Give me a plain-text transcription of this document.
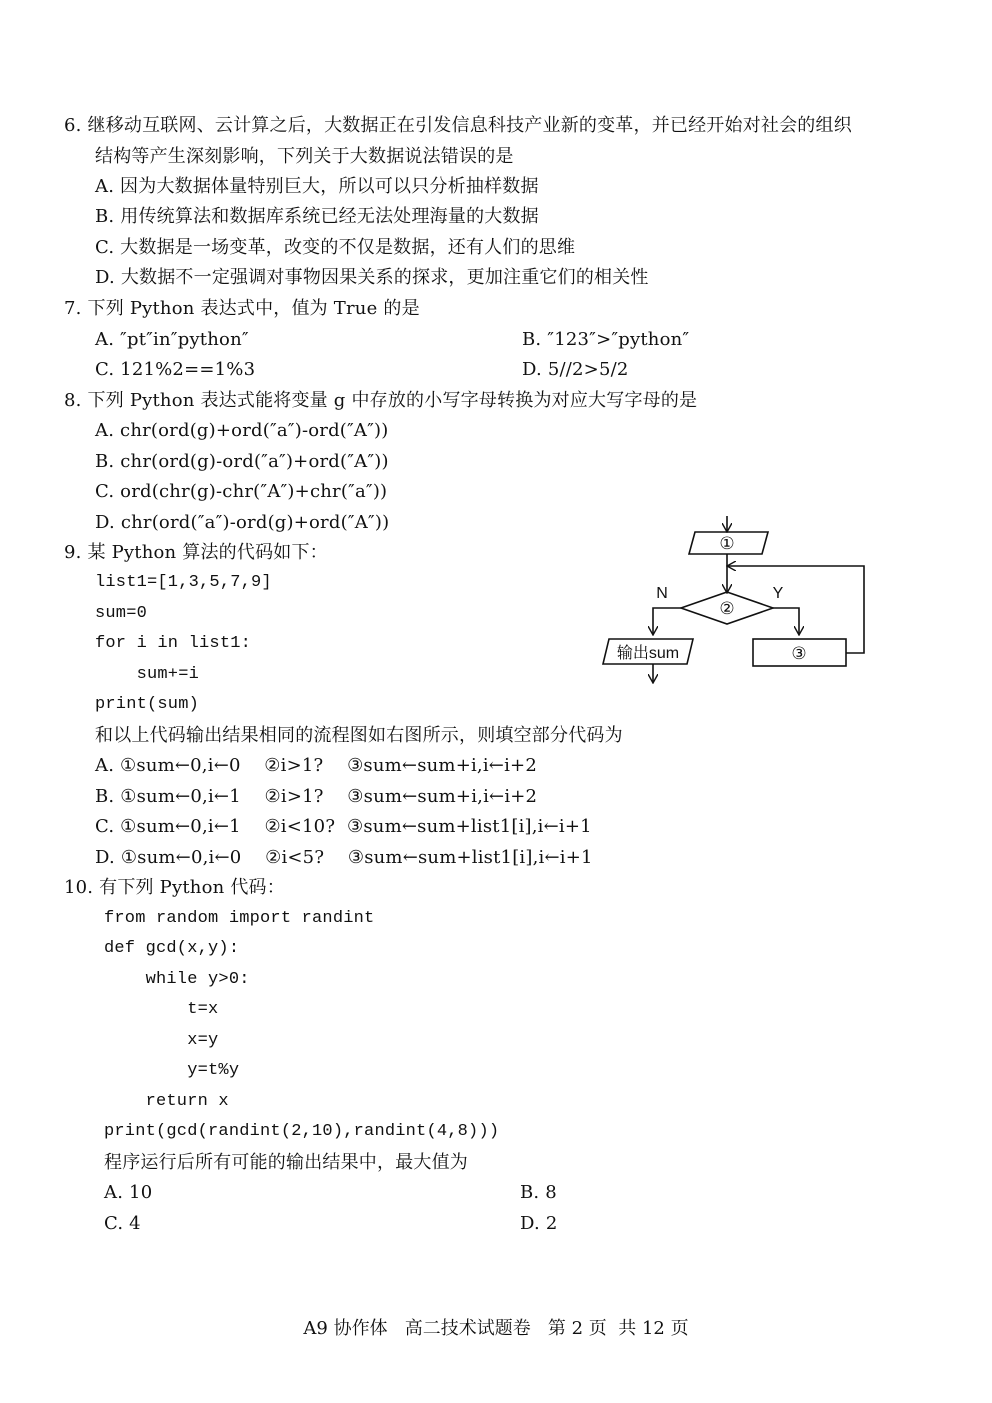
6. 继移动互联网、云计算之后，大数据正在引发信息科技产业新的变革，并已经开始对社会的组织
结构等产生深刻影响，下列关于大数据说法错误的是
A. 因为大数据体量特别巨大，所以可以只分析抽样数据
B. 用传统算法和数据库系统已经无法处理海量的大数据
C. 大数据是一场变革，改变的不仅是数据，还有人们的思维
D. 大数据不一定强调对事物因果关系的探求，更加注重它们的相关性
7. 下列 Python 表达式中，值为 True 的是
A. ″pt″in″python″	B. ″123″>″python″
C. 121%2==1%3	D. 5//2>5/2
8. 下列 Python 表达式能将变量 g 中存放的小写字母转换为对应大写字母的是
A. chr(ord(g)+ord(″a″)-ord(″A″))
B. chr(ord(g)-ord(″a″)+ord(″A″))
C. ord(chr(g)-chr(″A″)+chr(″a″))
D. chr(ord(″a″)-ord(g)+ord(″A″))
9. 某 Python 算法的代码如下：
list1=[1,3,5,7,9]
sum=0
for i in list1:
sum+=i
print(sum)
和以上代码输出结果相同的流程图如右图所示，则填空部分代码为
A. ①sum←0,i←0    ②i>1?    ③sum←sum+i,i←i+2
B. ①sum←0,i←1    ②i>1?    ③sum←sum+i,i←i+2
C. ①sum←0,i←1    ②i<10?  ③sum←sum+list1[i],i←i+1
D. ①sum←0,i←0    ②i<5?    ③sum←sum+list1[i],i←i+1
①
②
③
N	Y
输出sum
10. 有下列 Python 代码：
from random import randint
def gcd(x,y):
while y>0:
t=x
x=y
y=t%y
return x
print(gcd(randint(2,10),randint(4,8)))
程序运行后所有可能的输出结果中，最大值为
A. 10	B. 8
C. 4	D. 2
A9 协作体   高二技术试题卷   第 2 页  共 12 页
